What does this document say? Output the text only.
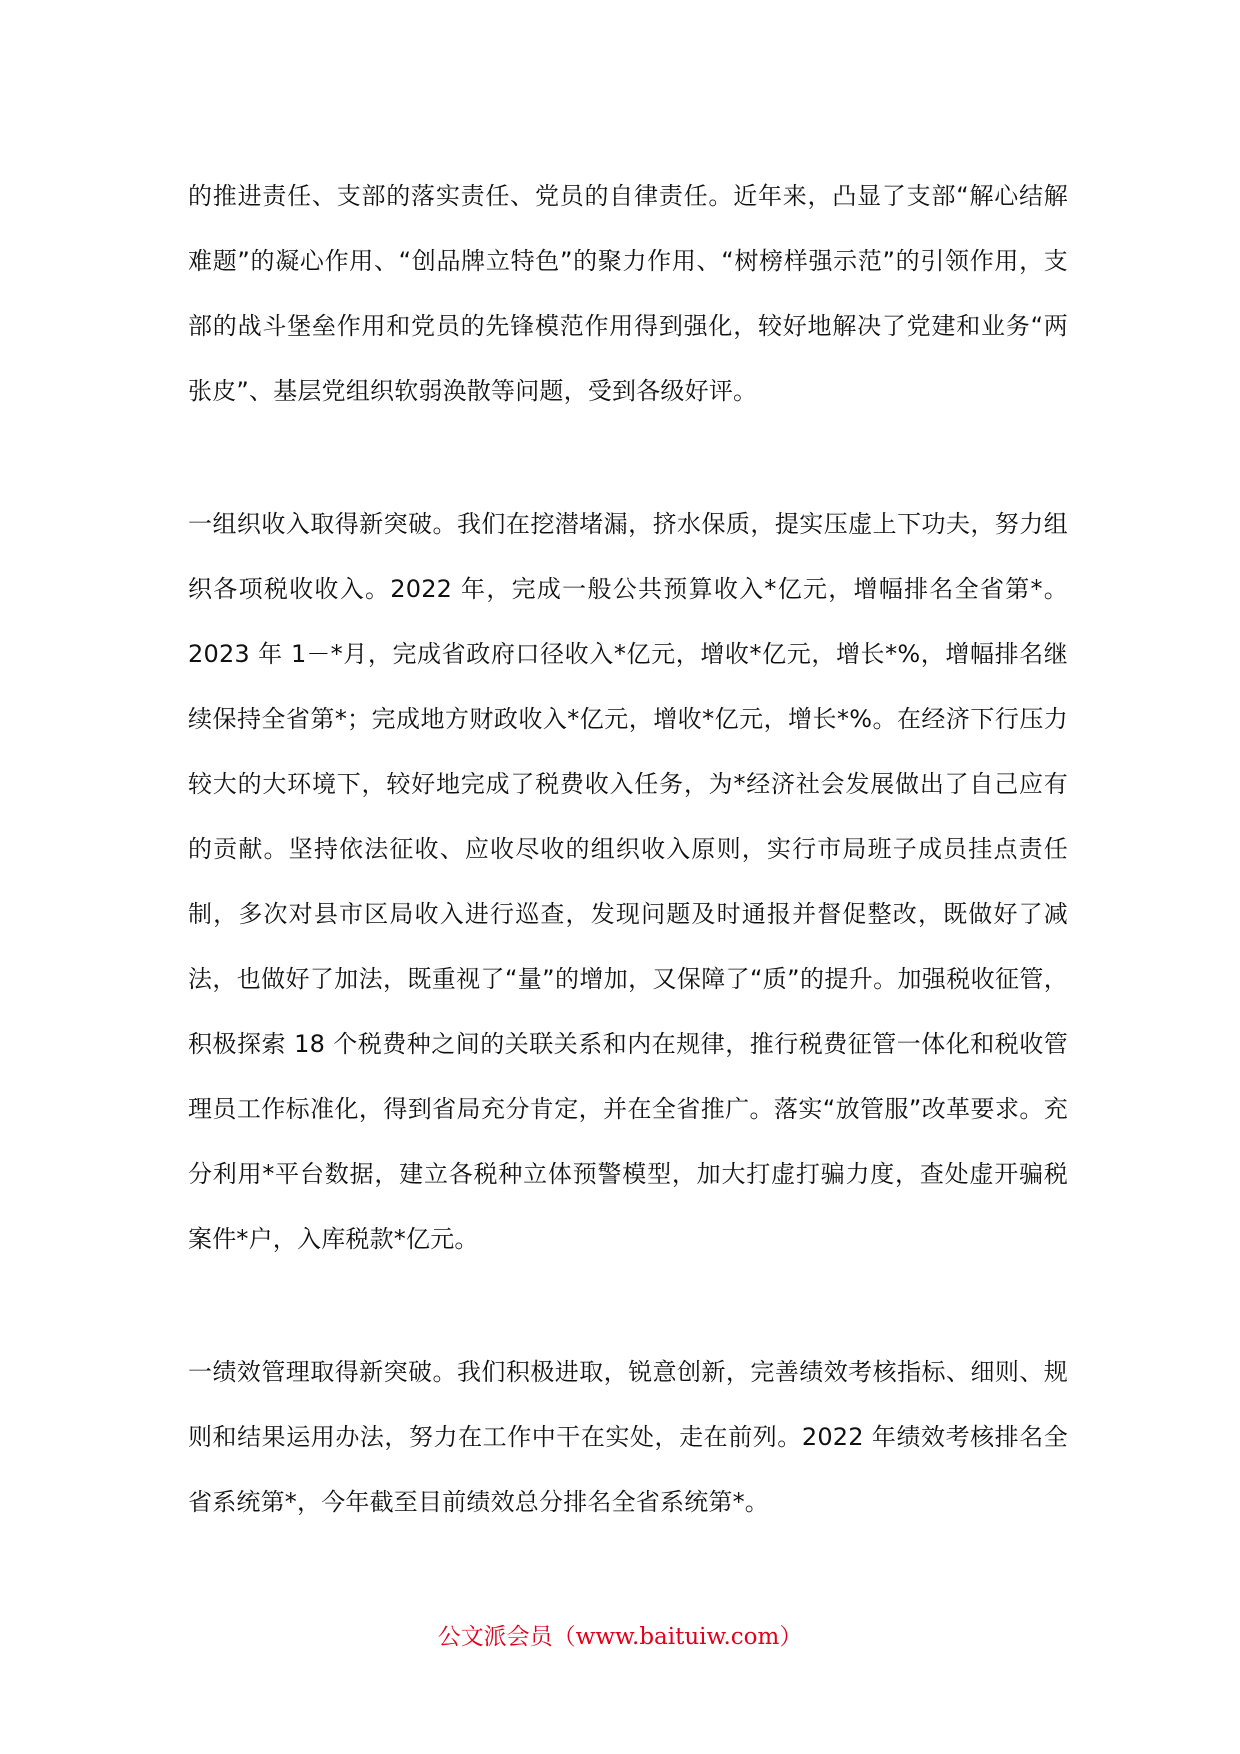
的推进责任、支部的落实责任、党员的自律责任。近年来，凸显了支部“解心结解难题”的凝心作用、“创品牌立特色”的聚力作用、“树榜样强示范”的引领作用，支部的战斗堡垒作用和党员的先锋模范作用得到强化，较好地解决了党建和业务“两张皮”、基层党组织软弱涣散等问题，受到各级好评。

一组织收入取得新突破。我们在挖潜堵漏，挤水保质，提实压虚上下功夫，努力组织各项税收收入。2022 年，完成一般公共预算收入*亿元，增幅排名全省第*。2023 年 1－*月，完成省政府口径收入*亿元，增收*亿元，增长*%，增幅排名继续保持全省第*；完成地方财政收入*亿元，增收*亿元，增长*%。在经济下行压力较大的大环境下，较好地完成了税费收入任务，为*经济社会发展做出了自己应有的贡献。坚持依法征收、应收尽收的组织收入原则，实行市局班子成员挂点责任制，多次对县市区局收入进行巡查，发现问题及时通报并督促整改，既做好了减法，也做好了加法，既重视了“量”的增加，又保障了“质”的提升。加强税收征管，积极探索 18 个税费种之间的关联关系和内在规律，推行税费征管一体化和税收管理员工作标准化，得到省局充分肯定，并在全省推广。落实“放管服”改革要求。充分利用*平台数据，建立各税种立体预警模型，加大打虚打骗力度，查处虚开骗税案件*户，入库税款*亿元。

一绩效管理取得新突破。我们积极进取，锐意创新，完善绩效考核指标、细则、规则和结果运用办法，努力在工作中干在实处，走在前列。2022 年绩效考核排名全省系统第*，今年截至目前绩效总分排名全省系统第*。

公文派会员（www.baituiw.com）
